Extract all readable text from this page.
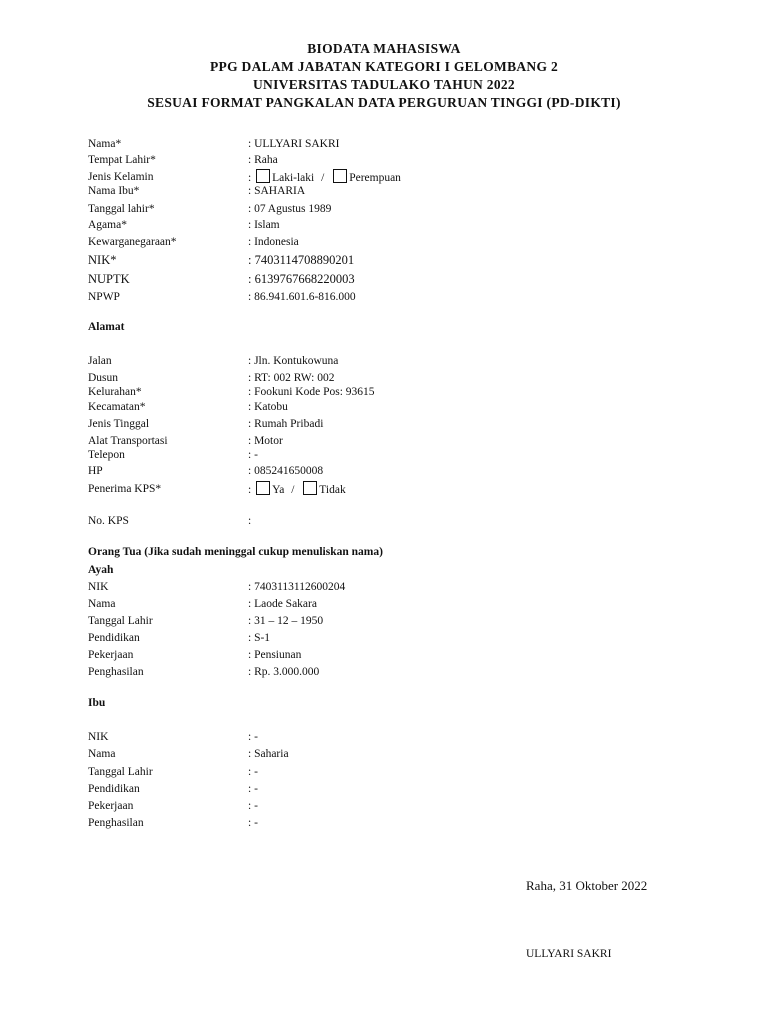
BIODATA MAHASISWA
PPG DALAM JABATAN KATEGORI I GELOMBANG 2
UNIVERSITAS TADULAKO TAHUN 2022
SESUAI FORMAT PANGKALAN DATA PERGURUAN TINGGI (PD-DIKTI)
Nama*	: ULLYARI SAKRI
Tempat Lahir*	: Raha
Jenis Kelamin	: Laki-laki / Perempuan
Nama Ibu*	: SAHARIA
Tanggal lahir*	: 07 Agustus 1989
Agama*	: Islam
Kewarganegaraan*	: Indonesia
NIK*	: 7403114708890201
NUPTK	: 6139767668220003
NPWP	: 86.941.601.6-816.000
Alamat
Jalan	: Jln. Kontukowuna
Dusun	: RT: 002 RW: 002
Kelurahan*	: Fookuni Kode Pos: 93615
Kecamatan*	: Katobu
Jenis Tinggal	: Rumah Pribadi
Alat Transportasi	: Motor
Telepon	: -
HP	: 085241650008
Penerima KPS*	: Ya / Tidak
No. KPS	:
Orang Tua (Jika sudah meninggal cukup menuliskan nama)
Ayah
NIK	: 7403113112600204
Nama	: Laode Sakara
Tanggal Lahir	: 31 – 12 – 1950
Pendidikan	: S-1
Pekerjaan	: Pensiunan
Penghasilan	: Rp. 3.000.000
Ibu
NIK	: -
Nama	: Saharia
Tanggal Lahir	: -
Pendidikan	: -
Pekerjaan	: -
Penghasilan	: -
Raha, 31 Oktober 2022
ULLYARI SAKRI
